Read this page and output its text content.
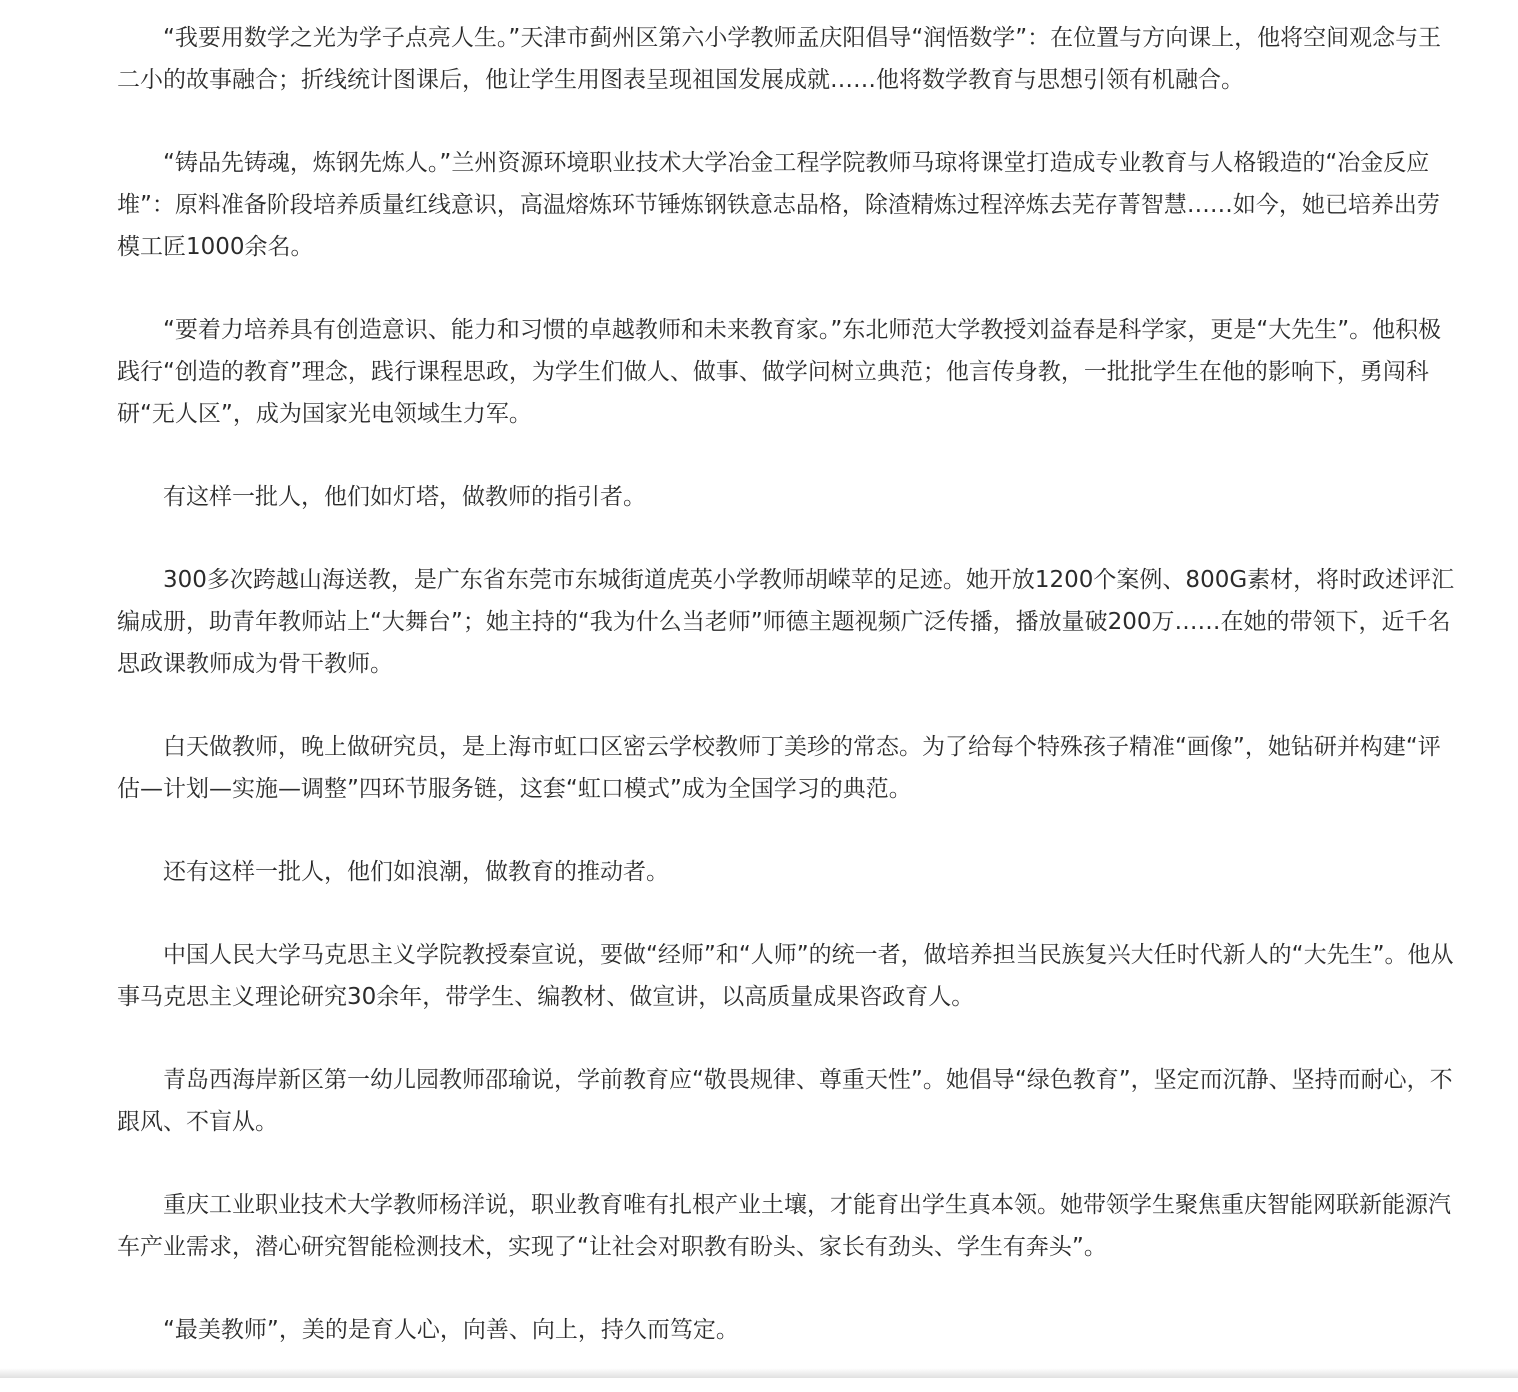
“我要用数学之光为学子点亮人生。”天津市蓟州区第六小学教师孟庆阳倡导“润悟数学”：在位置与方向课上，他将空间观念与王二小的故事融合；折线统计图课后，他让学生用图表呈现祖国发展成就……他将数学教育与思想引领有机融合。

“铸品先铸魂，炼钢先炼人。”兰州资源环境职业技术大学冶金工程学院教师马琼将课堂打造成专业教育与人格锻造的“冶金反应堆”：原料准备阶段培养质量红线意识，高温熔炼环节锤炼钢铁意志品格，除渣精炼过程淬炼去芜存菁智慧……如今，她已培养出劳模工匠1000余名。

“要着力培养具有创造意识、能力和习惯的卓越教师和未来教育家。”东北师范大学教授刘益春是科学家，更是“大先生”。他积极践行“创造的教育”理念，践行课程思政，为学生们做人、做事、做学问树立典范；他言传身教，一批批学生在他的影响下，勇闯科研“无人区”，成为国家光电领域生力军。

有这样一批人，他们如灯塔，做教师的指引者。

300多次跨越山海送教，是广东省东莞市东城街道虎英小学教师胡嵘苹的足迹。她开放1200个案例、800G素材，将时政述评汇编成册，助青年教师站上“大舞台”；她主持的“我为什么当老师”师德主题视频广泛传播，播放量破200万……在她的带领下，近千名思政课教师成为骨干教师。

白天做教师，晚上做研究员，是上海市虹口区密云学校教师丁美珍的常态。为了给每个特殊孩子精准“画像”，她钻研并构建“评估—计划—实施—调整”四环节服务链，这套“虹口模式”成为全国学习的典范。

还有这样一批人，他们如浪潮，做教育的推动者。

中国人民大学马克思主义学院教授秦宣说，要做“经师”和“人师”的统一者，做培养担当民族复兴大任时代新人的“大先生”。他从事马克思主义理论研究30余年，带学生、编教材、做宣讲，以高质量成果咨政育人。

青岛西海岸新区第一幼儿园教师邵瑜说，学前教育应“敬畏规律、尊重天性”。她倡导“绿色教育”，坚定而沉静、坚持而耐心，不跟风、不盲从。

重庆工业职业技术大学教师杨洋说，职业教育唯有扎根产业土壤，才能育出学生真本领。她带领学生聚焦重庆智能网联新能源汽车产业需求，潜心研究智能检测技术，实现了“让社会对职教有盼头、家长有劲头、学生有奔头”。

“最美教师”，美的是育人心，向善、向上，持久而笃定。
